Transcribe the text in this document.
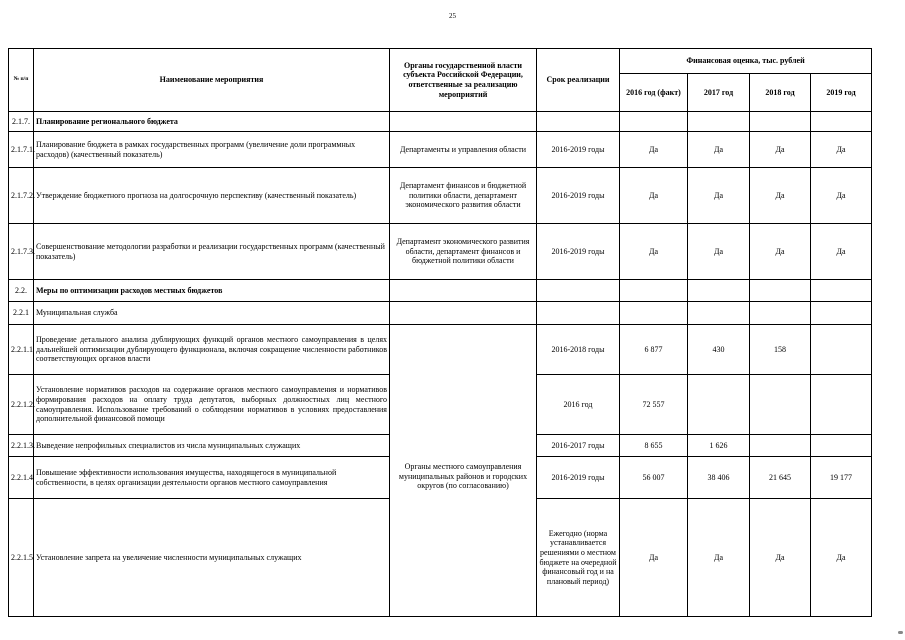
25
№ п/п	Наименование мероприятия	Органы государственной власти субъекта Российской Федерации, ответственные за реализацию мероприятий	Срок реализации	Финансовая оценка, тыс. рублей			
				2016 год (факт)	2017 год	2018 год	2019 год
2.1.7.	Планирование регионального бюджета						
2.1.7.1.	Планирование бюджета в рамках государственных программ (увеличение доли программных расходов) (качественный показатель)	Департаменты и управления области	2016-2019 годы	Да	Да	Да	Да
2.1.7.2.	Утверждение бюджетного прогноза на долгосрочную перспективу (качественный показатель)	Департамент финансов и бюджетной политики области, департамент экономического развития области	2016-2019 годы	Да	Да	Да	Да
2.1.7.3.	Совершенствование методологии разработки и реализации государственных программ (качественный показатель)	Департамент экономического развития области, департамент финансов и бюджетной политики области	2016-2019 годы	Да	Да	Да	Да
2.2.	Меры по оптимизации расходов местных бюджетов						
2.2.1	Муниципальная служба						
2.2.1.1	Проведение детального анализа дублирующих функций органов местного самоуправления в целях дальнейшей оптимизации дублирующего функционала, включая сокращение численности работников соответствующих органов власти	Органы местного самоуправления муниципальных районов и городских округов (по согласованию)	2016-2018 годы	6 877	430	158	
2.2.1.2.	Установление нормативов расходов на содержание органов местного самоуправления и нормативов формирования расходов на оплату труда депутатов, выборных должностных лиц местного самоуправления. Использование требований о соблюдении нормативов в условиях предоставления дополнительной финансовой помощи		2016 год	72 557			
2.2.1.3.	Выведение непрофильных специалистов из числа муниципальных служащих		2016-2017 годы	8 655	1 626		
2.2.1.4	Повышение эффективности использования имущества, находящегося в муниципальной собственности, в целях организации деятельности органов местного самоуправления		2016-2019 годы	56 007	38 406	21 645	19 177
2.2.1.5	Установление запрета на увеличение численности муниципальных служащих		Ежегодно (норма устанавливается решениями о местном бюджете на очередной финансовый год и на плановый период)	Да	Да	Да	Да
